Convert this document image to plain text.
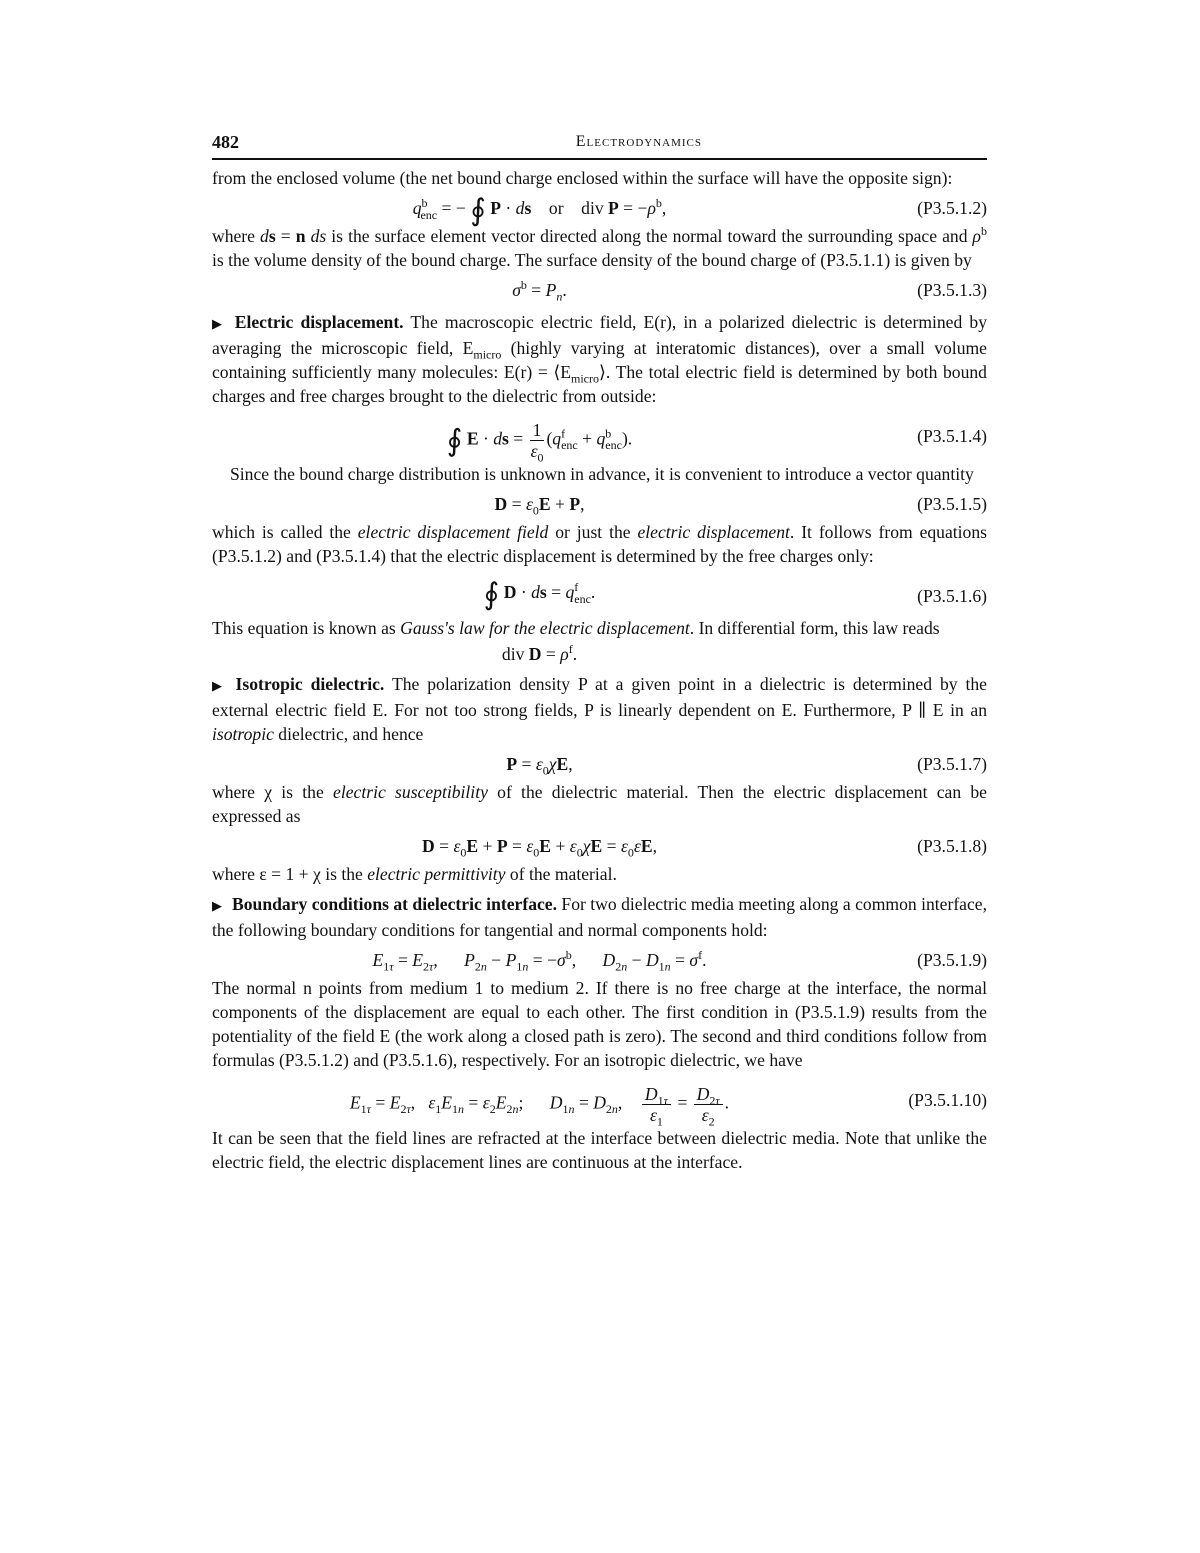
482	Electrodynamics

from the enclosed volume (the net bound charge enclosed within the surface will have the opposite sign):

$q^b_{enc}$ = − ∮ P · ds or    div $P = -\rho^b$,	(P3.5.1.2)

where ds = n ds is the surface element vector directed along the normal toward the surrounding space and $\rho^b$ is the volume density of the bound charge. The surface density of the bound charge of (P3.5.1.1) is given by

$\sigma^b = P_n$.	(P3.5.1.3)

▶ Electric displacement. The macroscopic electric field, E(r), in a polarized dielectric is determined by averaging the microscopic field, $E_{micro}$ (highly varying at interatomic distances), over a small volume containing sufficiently many molecules: $E(r) = ⟨E_{micro}⟩$. The total electric field is determined by both bound charges and free charges brought to the dielectric from outside:

∮ E · ds = $\frac{1}{\varepsilon_0} (q^f_{enc} + q^b_{enc})$.	(P3.5.1.4)

Since the bound charge distribution is unknown in advance, it is convenient to introduce a vector quantity

$D = \varepsilon_0E + P$,	(P3.5.1.5)

which is called the electric displacement field or just the electric displacement. It follows from equations (P3.5.1.2) and (P3.5.1.4) that the electric displacement is determined by the free charges only:

∮ D · ds = $q^f_{enc}$.	(P3.5.1.6)

This equation is known as Gauss's law for the electric displacement. In differential form, this law reads

div $D = \rho^f$.

▶ Isotropic dielectric. The polarization density P at a given point in a dielectric is determined by the external electric field E. For not too strong fields, P is linearly dependent on E. Furthermore, P ∥ E in an isotropic dielectric, and hence

$P = \varepsilon_0\chi E$,	(P3.5.1.7)

where χ is the electric susceptibility of the dielectric material. Then the electric displacement can be expressed as

$D = \varepsilon_0E + P = \varepsilon_0E + \varepsilon_0\chi E = \varepsilon_0\varepsilon E$,	(P3.5.1.8)

where ε = 1 + χ is the electric permittivity of the material.

▶ Boundary conditions at dielectric interface. For two dielectric media meeting along a common interface, the following boundary conditions for tangential and normal components hold:

$E_{1\tau} = E_{2\tau}$,      $P_{2n} - P_{1n} = -\sigma^b$,      $D_{2n} - D_{1n} = \sigma^f$.	(P3.5.1.9)

The normal n points from medium 1 to medium 2. If there is no free charge at the interface, the normal components of the displacement are equal to each other. The first condition in (P3.5.1.9) results from the potentiality of the field E (the work along a closed path is zero). The second and third conditions follow from formulas (P3.5.1.2) and (P3.5.1.6), respectively. For an isotropic dielectric, we have

$E_{1\tau} = E_{2\tau}$,   $\varepsilon_1E_{1n} = \varepsilon_2E_{2n}$;      $D_{1n} = D_{2n}$, $\frac{D_{1\tau}}{\varepsilon_1} = \frac{D_{2\tau}}{\varepsilon_2}$ .	(P3.5.1.10)

It can be seen that the field lines are refracted at the interface between dielectric media. Note that unlike the electric field, the electric displacement lines are continuous at the interface.
